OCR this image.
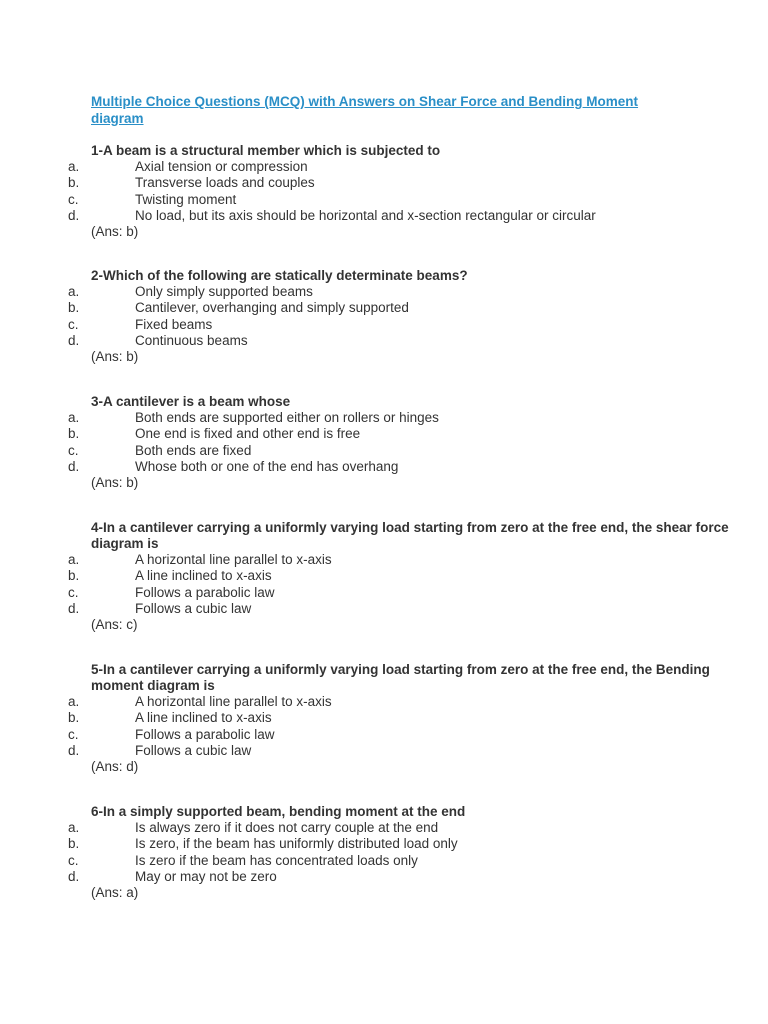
Multiple Choice Questions (MCQ) with Answers on Shear Force and Bending Moment diagram
1-A beam is a structural member which is subjected to
a.	Axial tension or compression
b.	Transverse loads and couples
c.	Twisting moment
d.	No load, but its axis should be horizontal and x-section rectangular or circular
(Ans: b)
2-Which of the following are statically determinate beams?
a.	Only simply supported beams
b.	Cantilever, overhanging and simply supported
c.	Fixed beams
d.	Continuous beams
(Ans: b)
3-A cantilever is a beam whose
a.	Both ends are supported either on rollers or hinges
b.	One end is fixed and other end is free
c.	Both ends are fixed
d.	Whose both or one of the end has overhang
(Ans: b)
4-In a cantilever carrying a uniformly varying load starting from zero at the free end, the shear force diagram is
a.	A horizontal line parallel to x-axis
b.	A line inclined to x-axis
c.	Follows a parabolic law
d.	Follows a cubic law
(Ans: c)
5-In a cantilever carrying a uniformly varying load starting from zero at the free end, the Bending moment diagram is
a.	A horizontal line parallel to x-axis
b.	A line inclined to x-axis
c.	Follows a parabolic law
d.	Follows a cubic law
(Ans: d)
6-In a simply supported beam, bending moment at the end
a.	Is always zero if it does not carry couple at the end
b.	Is zero, if the beam has uniformly distributed load only
c.	Is zero if the beam has concentrated loads only
d.	May or may not be zero
(Ans: a)
